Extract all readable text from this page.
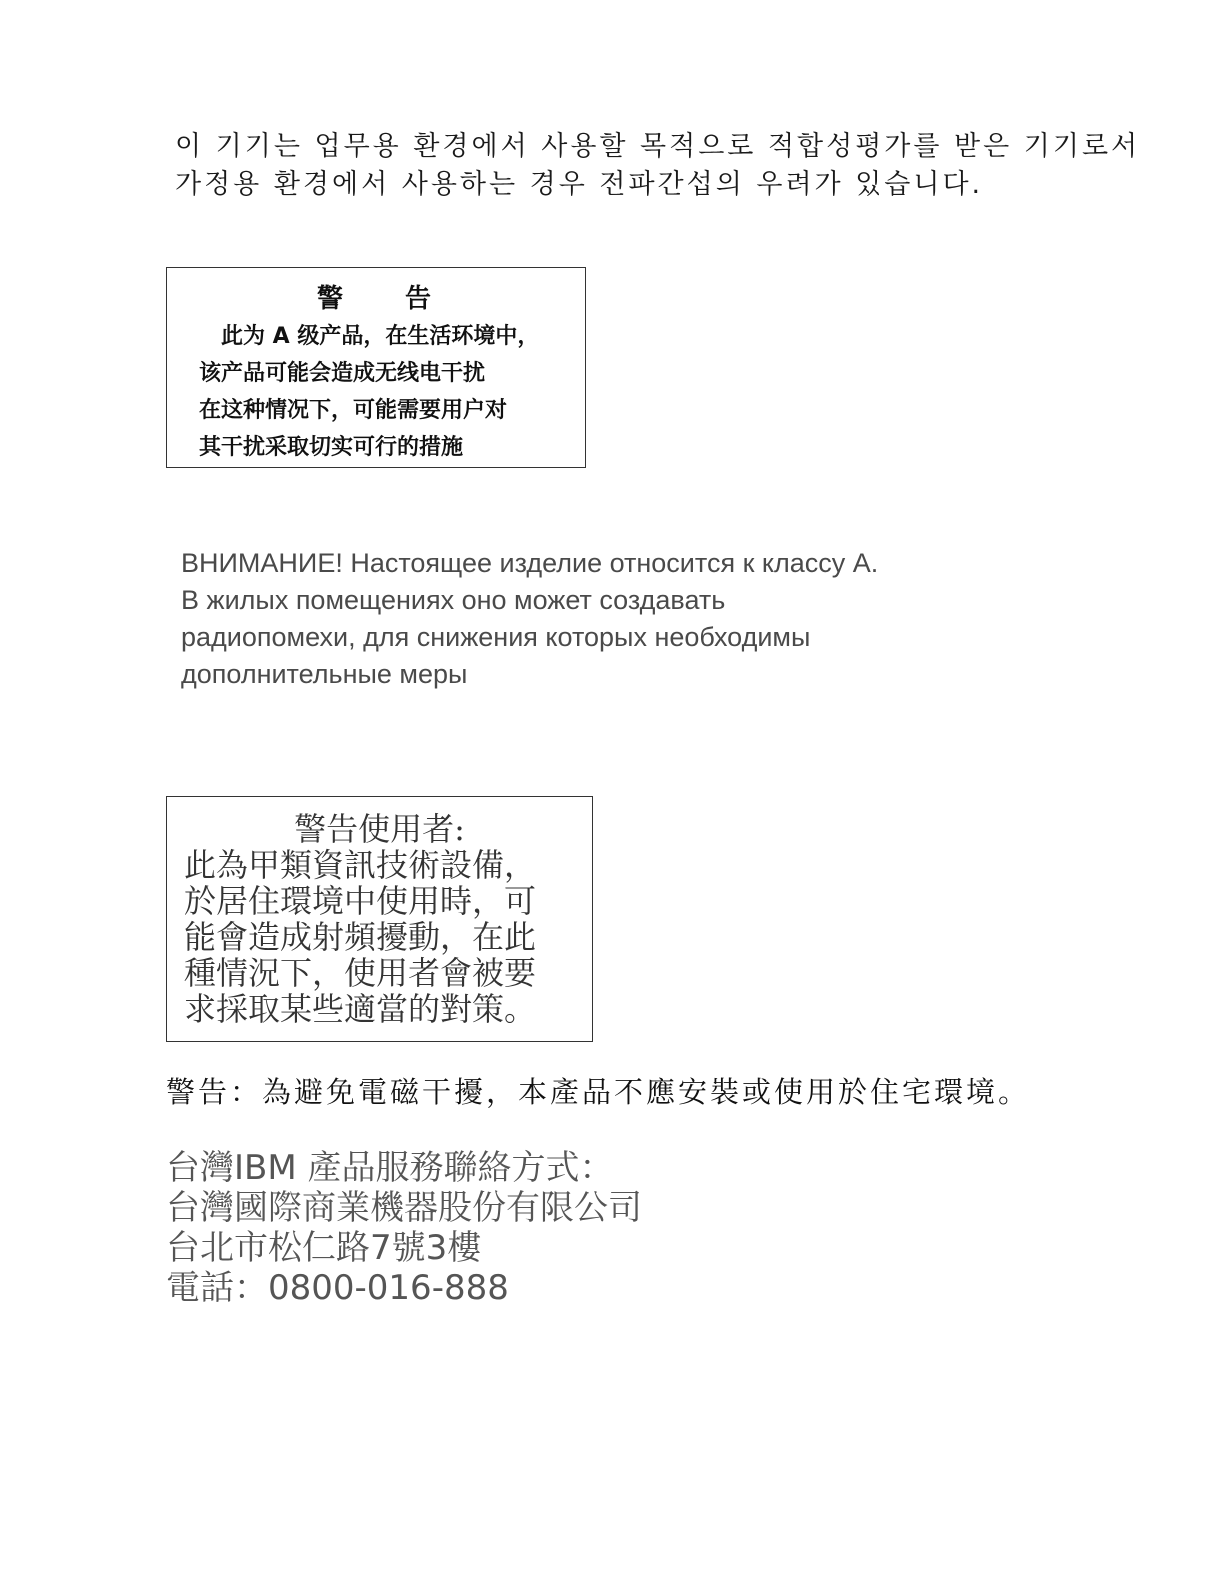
이 기기는 업무용 환경에서 사용할 목적으로 적합성평가를 받은 기기로서
가정용 환경에서 사용하는 경우 전파간섭의 우려가 있습니다.
警 告
此为 A 级产品，在生活环境中，
该产品可能会造成无线电干扰
在这种情况下，可能需要用户对
其干扰采取切实可行的措施
ВНИМАНИЕ! Настоящее изделие относится к классу А.
В жилых помещениях оно может создавать
радиопомехи, для снижения которых необходимы
дополнительные меры
警告使用者:
此為甲類資訊技術設備，
於居住環境中使用時，可
能會造成射頻擾動，在此
種情況下，使用者會被要
求採取某些適當的對策。
警告：為避免電磁干擾，本產品不應安裝或使用於住宅環境。
台灣IBM 產品服務聯絡方式：
台灣國際商業機器股份有限公司
台北市松仁路7號3樓
電話：0800-016-888
